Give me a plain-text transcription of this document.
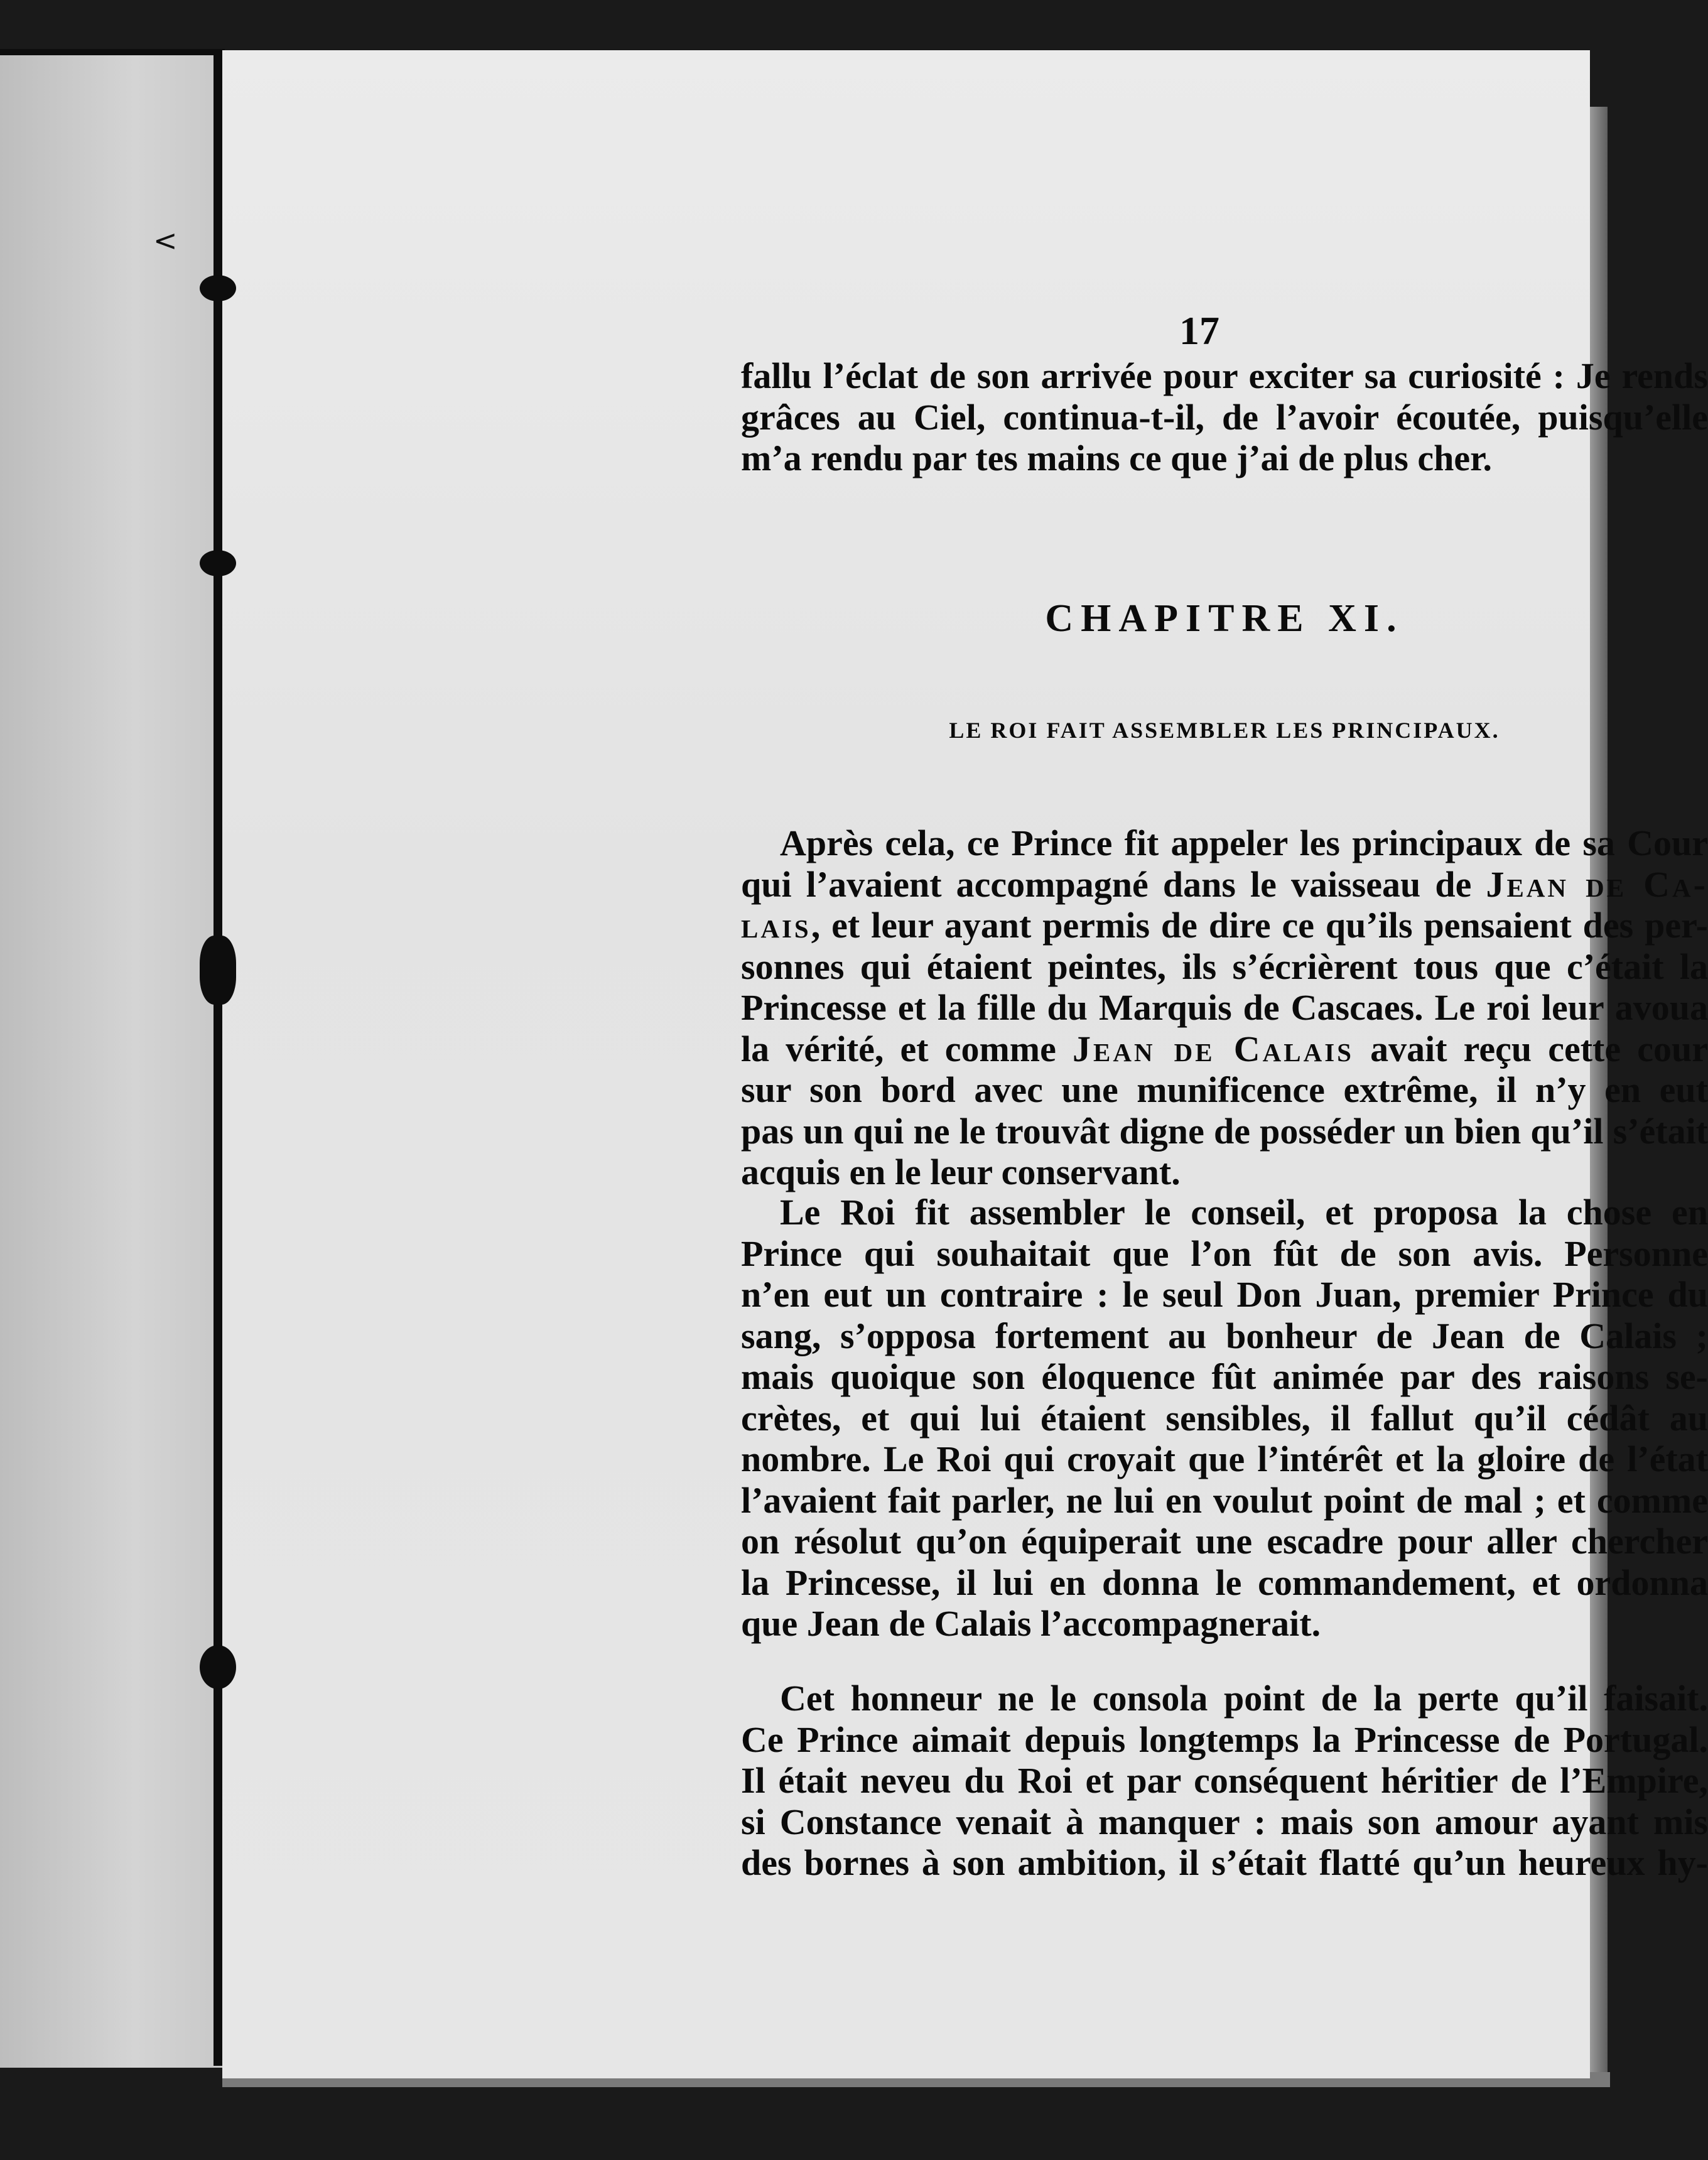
<
17

fallu l’éclat de son arrivée pour exciter sa curiosité : Je rends
grâces au Ciel, continua-t-il, de l’avoir écoutée, puisqu’elle
m’a rendu par tes mains ce que j’ai de plus cher.

CHAPITRE XI.
LE ROI FAIT ASSEMBLER LES PRINCIPAUX.

Après cela, ce Prince fit appeler les principaux de sa Cour
qui l’avaient accompagné dans le vaisseau de Jean de Ca-
lais, et leur ayant permis de dire ce qu’ils pensaient des per-
sonnes qui étaient peintes, ils s’écrièrent tous que c’était la
Princesse et la fille du Marquis de Cascaes. Le roi leur avoua
la vérité, et comme Jean de Calais avait reçu cette cour
sur son bord avec une munificence extrême, il n’y en eut
pas un qui ne le trouvât digne de posséder un bien qu’il s’était
acquis en le leur conservant.

Le Roi fit assembler le conseil, et proposa la chose en
Prince qui souhaitait que l’on fût de son avis. Personne
n’en eut un contraire : le seul Don Juan, premier Prince du
sang, s’opposa fortement au bonheur de Jean de Calais ;
mais quoique son éloquence fût animée par des raisons se-
crètes, et qui lui étaient sensibles, il fallut qu’il cédât au
nombre. Le Roi qui croyait que l’intérêt et la gloire de l’état
l’avaient fait parler, ne lui en voulut point de mal ; et comme
on résolut qu’on équiperait une escadre pour aller chercher
la Princesse, il lui en donna le commandement, et ordonna
que Jean de Calais l’accompagnerait.

Cet honneur ne le consola point de la perte qu’il faisait.
Ce Prince aimait depuis longtemps la Princesse de Portugal.
Il était neveu du Roi et par conséquent héritier de l’Empire,
si Constance venait à manquer : mais son amour ayant mis
des bornes à son ambition, il s’était flatté qu’un heureux hy-
